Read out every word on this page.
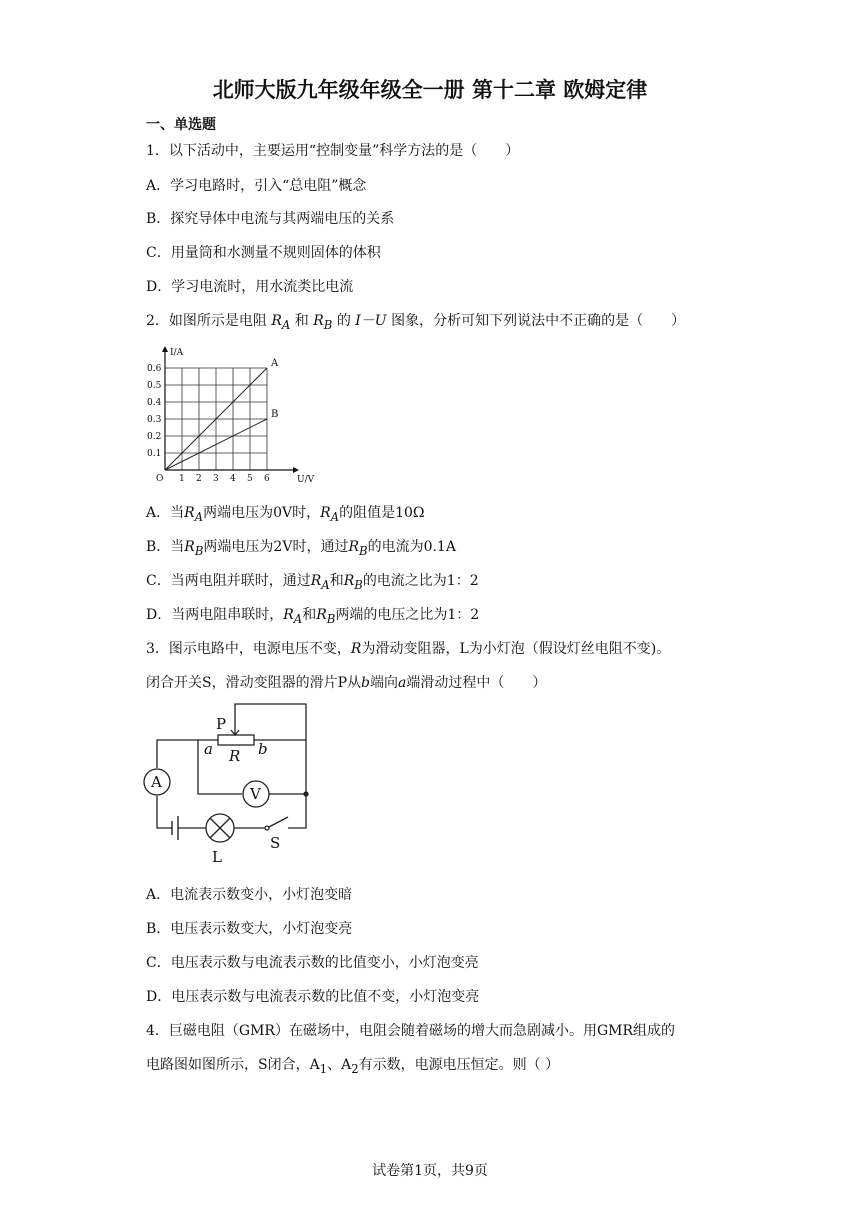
北师大版九年级年级全一册 第十二章 欧姆定律
一、单选题
1．以下活动中，主要运用“控制变量”科学方法的是（　　）
A．学习电路时，引入“总电阻”概念
B．探究导体中电流与其两端电压的关系
C．用量筒和水测量不规则固体的体积
D．学习电流时，用水流类比电流
2．如图所示是电阻 $R_A$ 和 $R_B$ 的 I－U 图象，分析可知下列说法中不正确的是（　　）
A
B
1 2 3 4 5 6
0.1
0.2
0.3
0.4
0.5
0.6
O	U/V
I/A
A．当$R_A$两端电压为0V时，$R_A$的阻值是10Ω
B．当$R_B$两端电压为2V时，通过$R_B$的电流为0.1A
C．当两电阻并联时，通过$R_A$和$R_B$的电流之比为1：2
D．当两电阻串联时，$R_A$和$R_B$两端的电压之比为1：2
3．图示电路中，电源电压不变，R为滑动变阻器，L为小灯泡（假设灯丝电阻不变)。
闭合开关S，滑动变阻器的滑片P从b端向a端滑动过程中（　　）
A
V
P
a R b
L
S
A．电流表示数变小，小灯泡变暗
B．电压表示数变大，小灯泡变亮
C．电压表示数与电流表示数的比值变小，小灯泡变亮
D．电压表示数与电流表示数的比值不变，小灯泡变亮
4．巨磁电阻（GMR）在磁场中，电阻会随着磁场的增大而急剧减小。用GMR组成的
电路图如图所示，S闭合，$A_1$、$A_2$有示数，电源电压恒定。则（ ）
试卷第1页，共9页
